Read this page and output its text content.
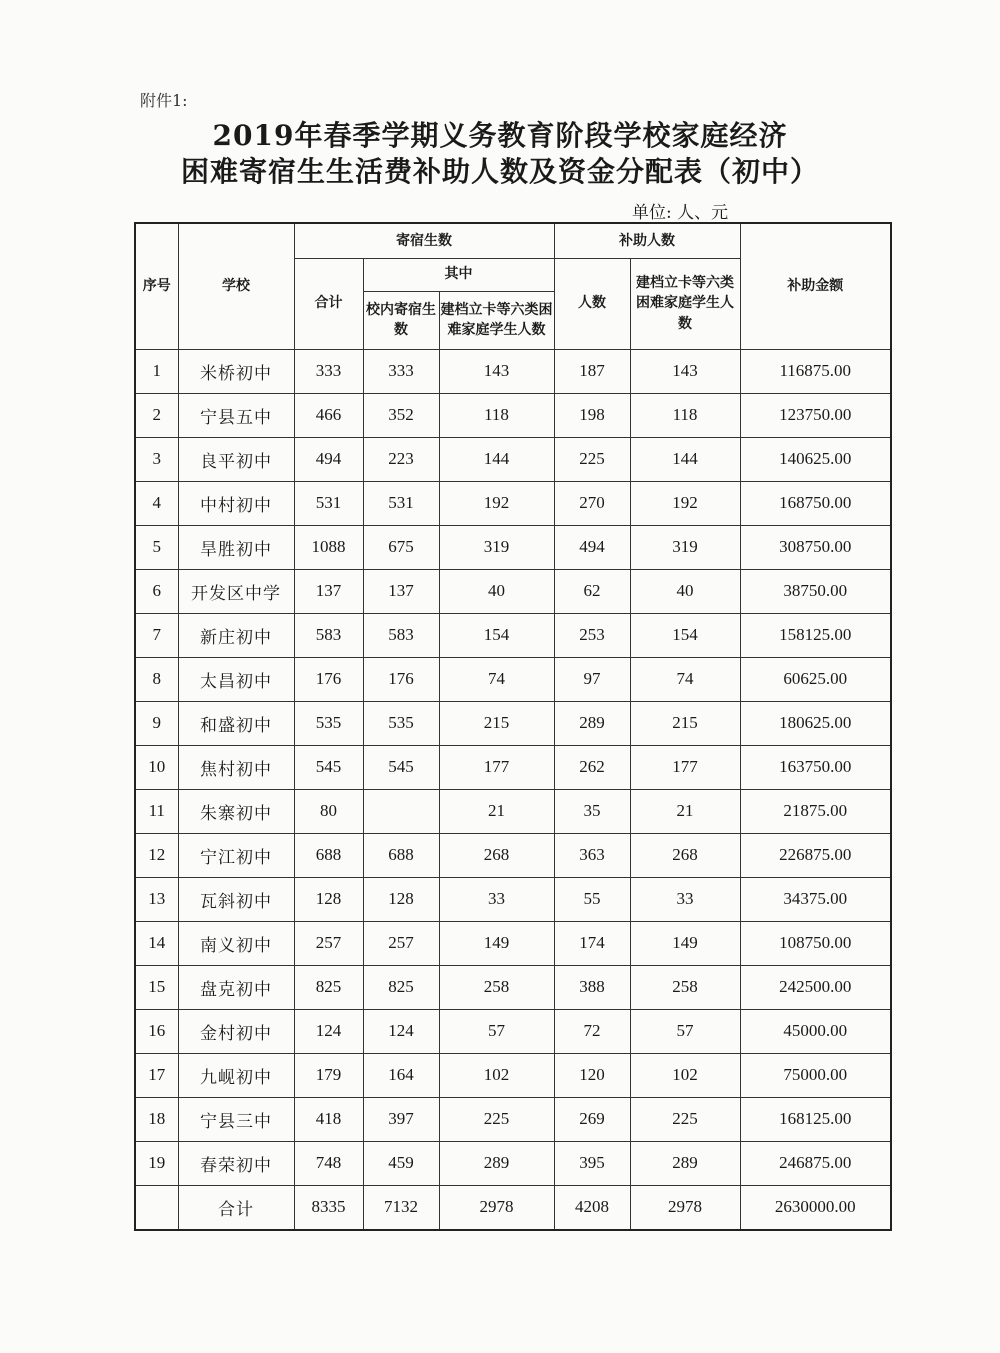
附件1:
2019年春季学期义务教育阶段学校家庭经济
困难寄宿生生活费补助人数及资金分配表（初中）
单位: 人、元
序号	学校	寄宿生数			补助人数		补助金额
		合计	其中		人数	建档立卡等六类困难家庭学生人数	
			校内寄宿生数	建档立卡等六类困难家庭学生人数			
1	米桥初中	333	333	143	187	143	116875.00
2	宁县五中	466	352	118	198	118	123750.00
3	良平初中	494	223	144	225	144	140625.00
4	中村初中	531	531	192	270	192	168750.00
5	旱胜初中	1088	675	319	494	319	308750.00
6	开发区中学	137	137	40	62	40	38750.00
7	新庄初中	583	583	154	253	154	158125.00
8	太昌初中	176	176	74	97	74	60625.00
9	和盛初中	535	535	215	289	215	180625.00
10	焦村初中	545	545	177	262	177	163750.00
11	朱寨初中	80		21	35	21	21875.00
12	宁江初中	688	688	268	363	268	226875.00
13	瓦斜初中	128	128	33	55	33	34375.00
14	南义初中	257	257	149	174	149	108750.00
15	盘克初中	825	825	258	388	258	242500.00
16	金村初中	124	124	57	72	57	45000.00
17	九岘初中	179	164	102	120	102	75000.00
18	宁县三中	418	397	225	269	225	168125.00
19	春荣初中	748	459	289	395	289	246875.00
	合计	8335	7132	2978	4208	2978	2630000.00
